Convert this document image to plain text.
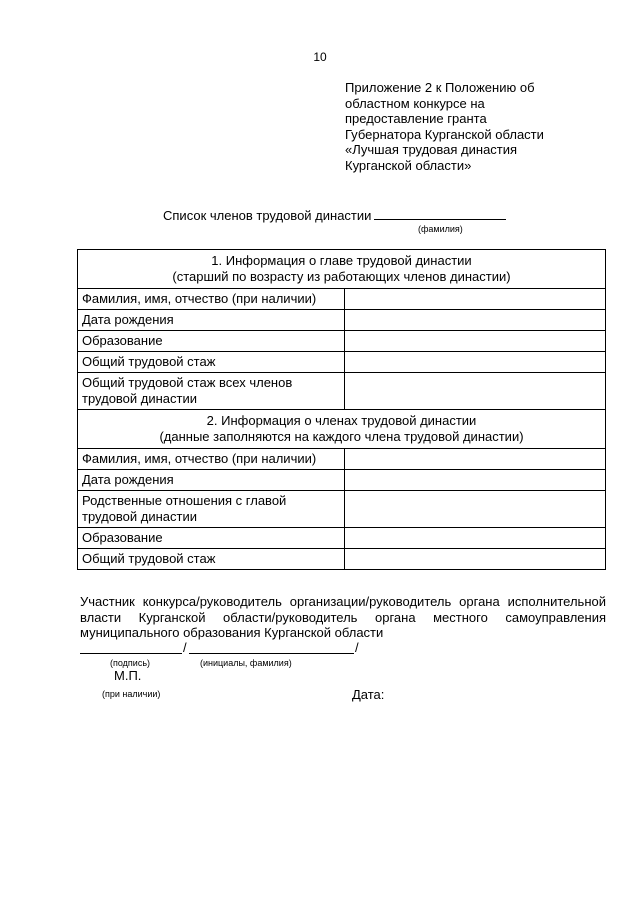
10
Приложение 2 к Положению об
областном конкурсе на
предоставление гранта
Губернатора Курганской области
«Лучшая трудовая династия
Курганской области»
Список членов трудовой династии
(фамилия)
1. Информация о главе трудовой династии
(старший по возрасту из работающих членов династии)	

Фамилия, имя, отчество (при наличии)	
Дата рождения	
Образование	
Общий трудовой стаж	
Общий трудовой стаж всех членов трудовой династии	

2. Информация о членах трудовой династии
(данные заполняются на каждого члена трудовой династии)	

Фамилия, имя, отчество (при наличии)	
Дата рождения	
Родственные отношения с главой трудовой династии	
Образование	
Общий трудовой стаж	
Участник конкурса/руководитель организации/руководитель органа исполнительной власти Курганской области/руководитель органа местного самоуправления муниципального образования Курганской области
/	/
(подпись)	(инициалы, фамилия)
М.П.
(при наличии)	Дата:
